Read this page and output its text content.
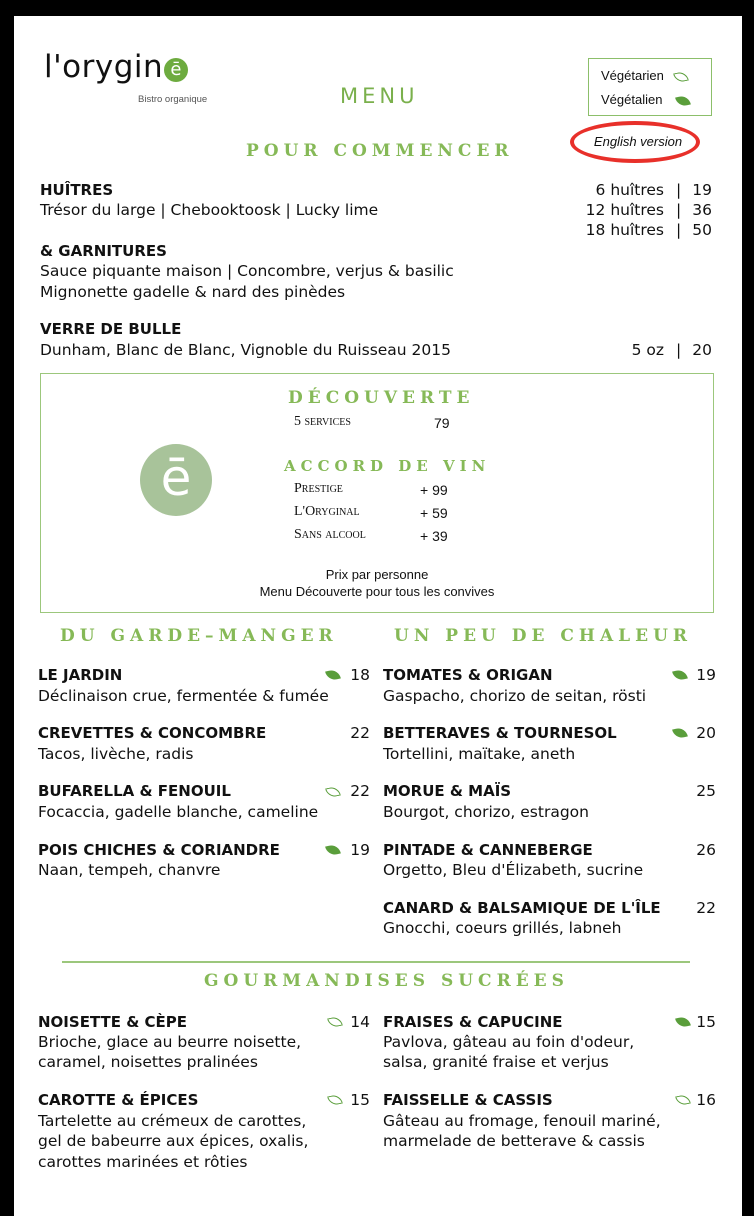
l'orygin ē
Bistro organique	MENU
Végétarien
Végétalien
English version
POUR COMMENCER
HUÎTRES
Trésor du large | Chebooktoosk | Lucky lime
6 huîtres | 19
12 huîtres | 36
18 huîtres | 50
& GARNITURES
Sauce piquante maison | Concombre, verjus & basilic
Mignonette gadelle & nard des pinèdes
VERRE DE BULLE
Dunham, Blanc de Blanc, Vignoble du Ruisseau 2015	5 oz | 20
ē
DÉCOUVERTE
5 services	79
ACCORD DE VIN
Prestige	+ 99
L'Oryginal	+ 59
Sans alcool	+ 39
Prix par personne
Menu Découverte pour tous les convives
DU GARDE–MANGER	UN PEU DE CHALEUR
LE JARDIN
Déclinaison crue, fermentée & fumée
18
CREVETTES & CONCOMBRE
Tacos, livèche, radis
22
BUFARELLA & FENOUIL
Focaccia, gadelle blanche, cameline
22
POIS CHICHES & CORIANDRE
Naan, tempeh, chanvre
19
TOMATES & ORIGAN
Gaspacho, chorizo de seitan, rösti
19
BETTERAVES & TOURNESOL
Tortellini, maïtake, aneth
20
MORUE & MAÏS
Bourgot, chorizo, estragon
25
PINTADE & CANNEBERGE
Orgetto, Bleu d'Élizabeth, sucrine
26
CANARD & BALSAMIQUE DE L'ÎLE
Gnocchi, coeurs grillés, labneh
22
GOURMANDISES SUCRÉES
NOISETTE & CÈPE
Brioche, glace au beurre noisette,
caramel, noisettes pralinées
14
CAROTTE & ÉPICES
Tartelette au crémeux de carottes,
gel de babeurre aux épices, oxalis,
carottes marinées et rôties
15
FRAISES & CAPUCINE
Pavlova, gâteau au foin d'odeur,
salsa, granité fraise et verjus
15
FAISSELLE & CASSIS
Gâteau au fromage, fenouil mariné,
marmelade de betterave & cassis
16
